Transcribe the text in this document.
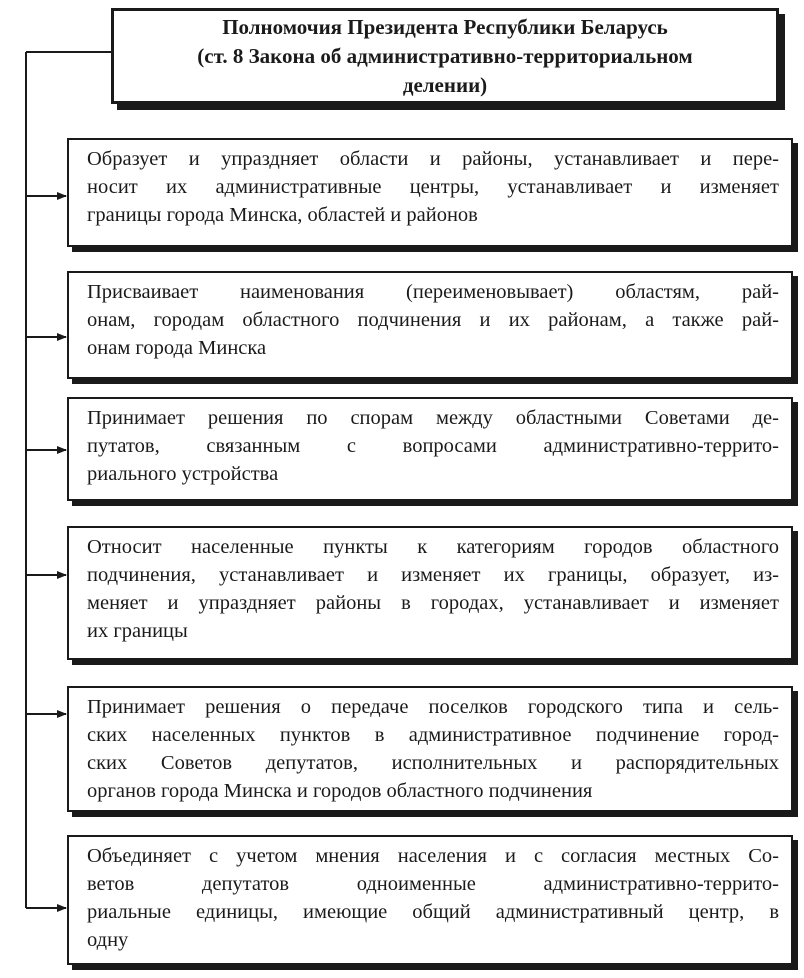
Полномочия Президента Республики Беларусь
(ст. 8 Закона об административно-территориальном
делении)
Образует и упраздняет области и районы, устанавливает и пере-
носит их административные центры, устанавливает и изменяет
границы города Минска, областей и районов
Присваивает наименования (переименовывает) областям, рай-
онам, городам областного подчинения и их районам, а также рай-
онам города Минска
Принимает решения по спорам между областными Советами де-
путатов, связанным с вопросами административно-террито-
риального устройства
Относит населенные пункты к категориям городов областного
подчинения, устанавливает и изменяет их границы, образует, из-
меняет и упраздняет районы в городах, устанавливает и изменяет
их границы
Принимает решения о передаче поселков городского типа и сель-
ских населенных пунктов в административное подчинение город-
ских Советов депутатов, исполнительных и распорядительных
органов города Минска и городов областного подчинения
Объединяет с учетом мнения населения и с согласия местных Со-
ветов депутатов одноименные административно-террито-
риальные единицы, имеющие общий административный центр, в
одну
